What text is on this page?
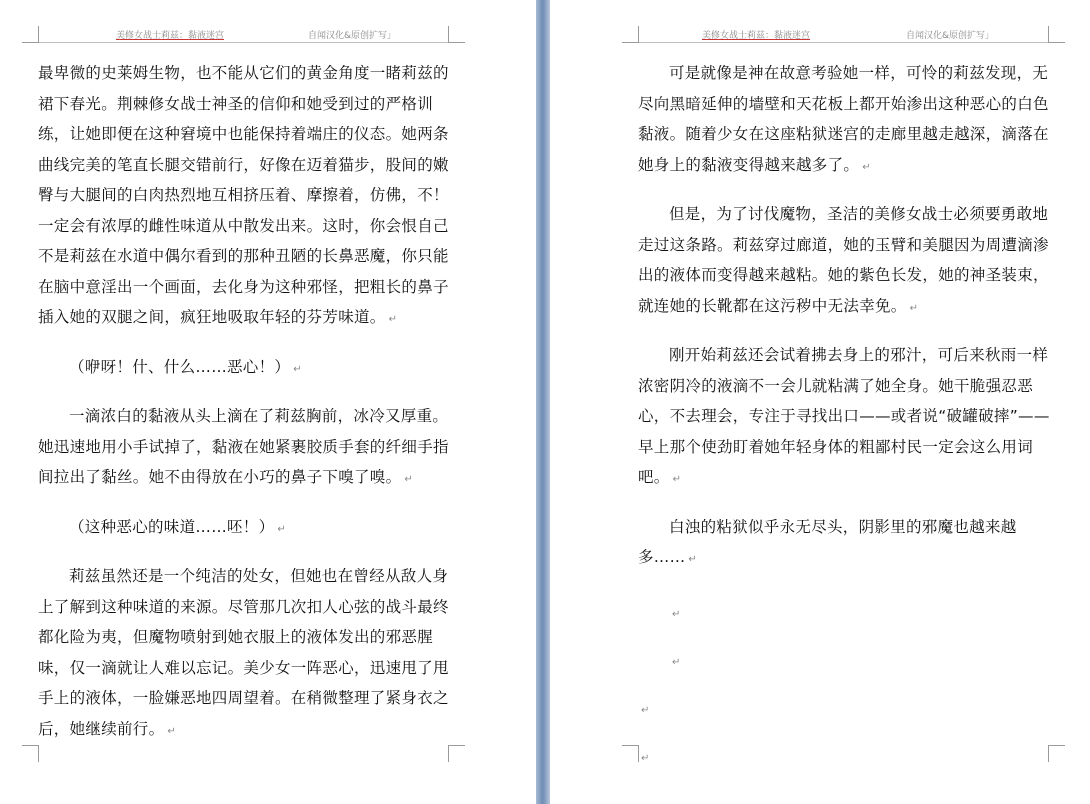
美修女战士莉兹：黏液迷宫	自闻汉化&原创扩写」

最卑微的史莱姆生物，也不能从它们的黄金角度一睹莉兹的裙下春光。荆棘修女战士神圣的信仰和她受到过的严格训练，让她即便在这种窘境中也能保持着端庄的仪态。她两条曲线完美的笔直长腿交错前行，好像在迈着猫步，股间的嫩臀与大腿间的白肉热烈地互相挤压着、摩擦着，仿佛，不！一定会有浓厚的雌性味道从中散发出来。这时，你会恨自己不是莉兹在水道中偶尔看到的那种丑陋的长鼻恶魔，你只能在脑中意淫出一个画面，去化身为这种邪怪，把粗长的鼻子插入她的双腿之间，疯狂地吸取年轻的芬芳味道。 ↵

（咿呀！什、什么……恶心！） ↵

一滴浓白的黏液从头上滴在了莉兹胸前，冰冷又厚重。她迅速地用小手试掉了，黏液在她紧裹胶质手套的纤细手指间拉出了黏丝。她不由得放在小巧的鼻子下嗅了嗅。 ↵

（这种恶心的味道……呸！） ↵

莉兹虽然还是一个纯洁的处女，但她也在曾经从敌人身上了解到这种味道的来源。尽管那几次扣人心弦的战斗最终都化险为夷，但魔物喷射到她衣服上的液体发出的邪恶腥味，仅一滴就让人难以忘记。美少女一阵恶心，迅速甩了甩手上的液体，一脸嫌恶地四周望着。在稍微整理了紧身衣之后，她继续前行。 ↵

美修女战士莉兹：黏液迷宫	自闻汉化&原创扩写」

可是就像是神在故意考验她一样，可怜的莉兹发现，无尽向黑暗延伸的墙壁和天花板上都开始渗出这种恶心的白色黏液。随着少女在这座粘狱迷宫的走廊里越走越深，滴落在她身上的黏液变得越来越多了。 ↵

但是，为了讨伐魔物，圣洁的美修女战士必须要勇敢地走过这条路。莉兹穿过廊道，她的玉臂和美腿因为周遭滴渗出的液体而变得越来越粘。她的紫色长发，她的神圣装束，就连她的长靴都在这污秽中无法幸免。 ↵

刚开始莉兹还会试着拂去身上的邪汁，可后来秋雨一样浓密阴冷的液滴不一会儿就粘满了她全身。她干脆强忍恶心，不去理会，专注于寻找出口——或者说“破罐破摔”——早上那个使劲盯着她年轻身体的粗鄙村民一定会这么用词吧。 ↵

白浊的粘狱似乎永无尽头，阴影里的邪魔也越来越多…… ↵

↵
↵
↵
↵
